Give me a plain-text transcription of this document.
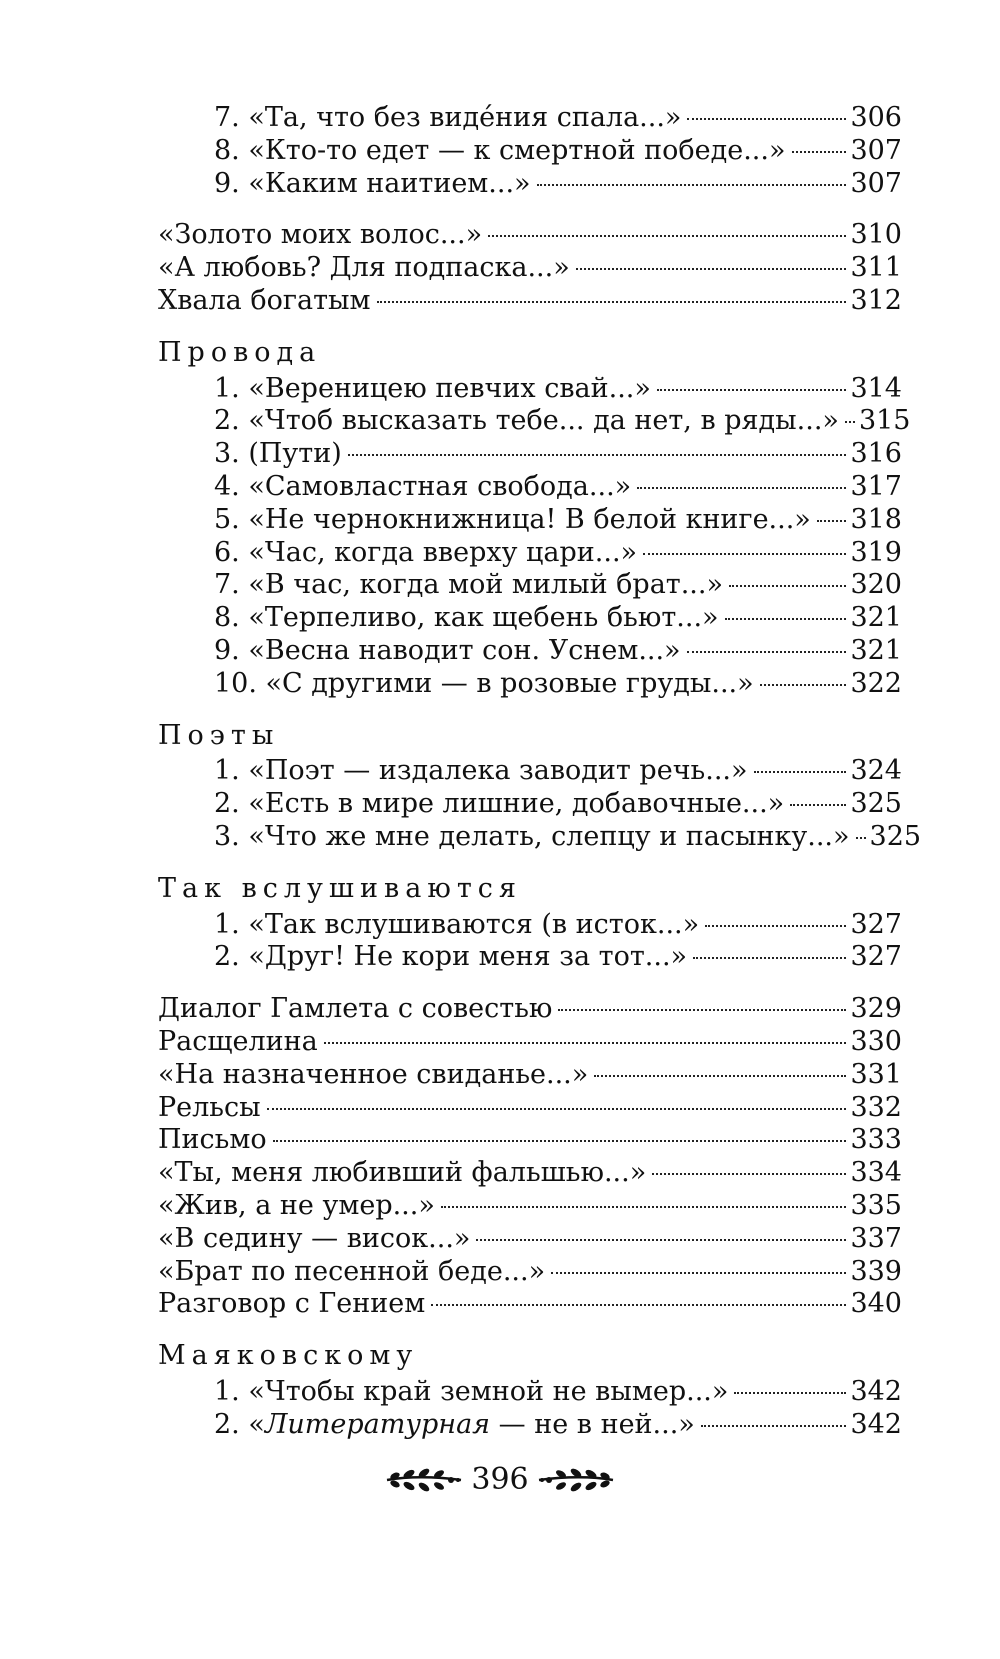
7. «Та, что без видéния спала...»	306
8. «Кто-то едет — к смертной победе...» 307
9. «Каким наитием...»	307
«Золото моих волос...»	310
«А любовь? Для подпаска...»	311
Хвала богатым	312
Провода
1. «Вереницею певчих свай...»	314
2. «Чтоб высказать тебе... да нет, в ряды...» 315
3. (Пути)	316
4. «Самовластная свобода...»	317
5. «Не чернокнижница! В белой книге...» 318
6. «Час, когда вверху цари...»	319
7. «В час, когда мой милый брат...»	320
8. «Терпеливо, как щебень бьют...»	321
9. «Весна наводит сон. Уснем...»	321
10. «С другими — в розовые груды...»	322
Поэты
1. «Поэт — издалека заводит речь...»	324
2. «Есть в мире лишние, добавочные...» 325
3. «Что же мне делать, слепцу и пасынку...» 325
Так вслушиваются
1. «Так вслушиваются (в исток...»	327
2. «Друг! Не кори меня за тот...»	327
Диалог Гамлета с совестью	329
Расщелина	330
«На назначенное свиданье...»	331
Рельсы	332
Письмо	333
«Ты, меня любивший фальшью...»	334
«Жив, а не умер...»	335
«В седину — висок...»	337
«Брат по песенной беде...»	339
Разговор с Гением	340
Маяковскому
1. «Чтобы край земной не вымер...»	342
2. «Литературная — не в ней...»	342
396
